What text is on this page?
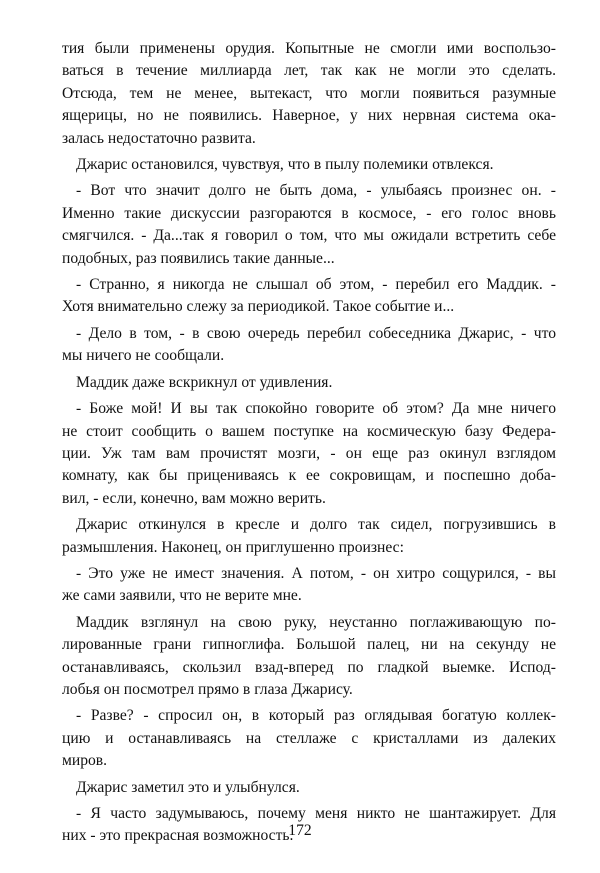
тия были применены орудия. Копытные не смогли ими воспользо-
ваться в течение миллиарда лет, так как не могли это сделать.
Отсюда, тем не менее, вытекаст, что могли появиться разумные
ящерицы, но не появились. Наверное, у них нервная система ока-
залась недостаточно развита.
Джарис остановился, чувствуя, что в пылу полемики отвлекся.
- Вот что значит долго не быть дома, - улыбаясь произнес он. -
Именно такие дискуссии разгораются в космосе, - его голос вновь
смягчился. - Да...так я говорил о том, что мы ожидали встретить себе
подобных, раз появились такие данные...
- Странно, я никогда не слышал об этом, - перебил его Маддик. -
Хотя внимательно слежу за периодикой. Такое событие и...
- Дело в том, - в свою очередь перебил собеседника Джарис, - что
мы ничего не сообщали.
Маддик даже вскрикнул от удивления.
- Боже мой! И вы так спокойно говорите об этом? Да мне ничего
не стоит сообщить о вашем поступке на космическую базу Федера-
ции. Уж там вам прочистят мозги, - он еще раз окинул взглядом
комнату, как бы прицениваясь к ее сокровищам, и поспешно доба-
вил, - если, конечно, вам можно верить.
Джарис откинулся в кресле и долго так сидел, погрузившись в
размышления. Наконец, он приглушенно произнес:
- Это уже не имест значения. А потом, - он хитро сощурился, - вы
же сами заявили, что не верите мне.
Маддик взглянул на свою руку, неустанно поглаживающую по-
лированные грани гипноглифа. Большой палец, ни на секунду не
останавливаясь, скользил взад-вперед по гладкой выемке. Испод-
лобья он посмотрел прямо в глаза Джарису.
- Разве? - спросил он, в который раз оглядывая богатую коллек-
цию и останавливаясь на стеллаже с кристаллами из далеких
миров.
Джарис заметил это и улыбнулся.
- Я часто задумываюсь, почему меня никто не шантажирует. Для
них - это прекрасная возможность.
172
